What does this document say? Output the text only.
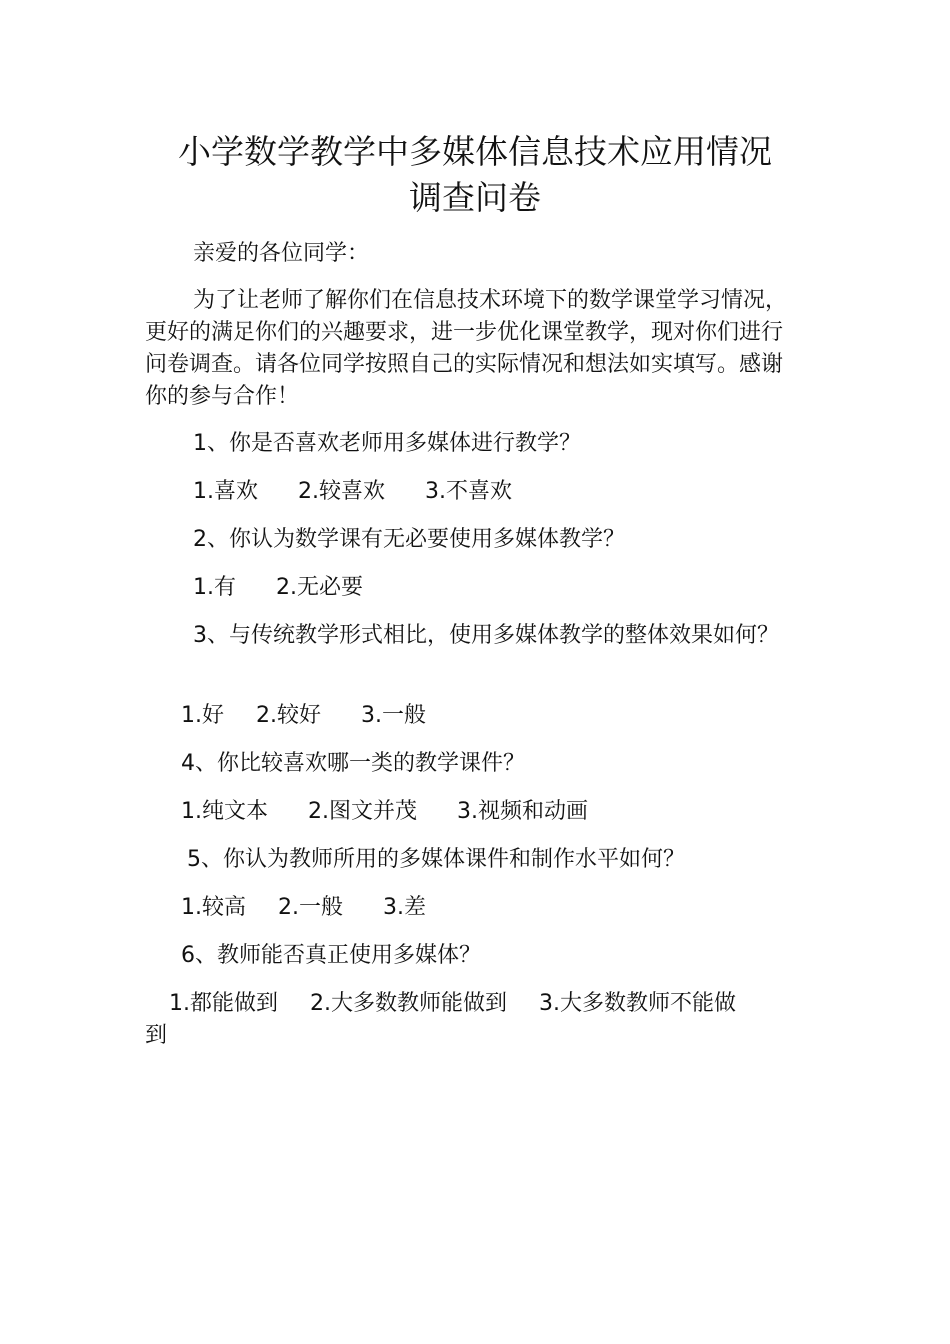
小学数学教学中多媒体信息技术应用情况
调查问卷

亲爱的各位同学：

为了让老师了解你们在信息技术环境下的数学课堂学习情况，更好的满足你们的兴趣要求，进一步优化课堂教学，现对你们进行问卷调查。请各位同学按照自己的实际情况和想法如实填写。感谢你的参与合作！

1、你是否喜欢老师用多媒体进行教学？

1.喜欢 2.较喜欢 3.不喜欢

2、你认为数学课有无必要使用多媒体教学？

1.有 2.无必要

3、与传统教学形式相比，使用多媒体教学的整体效果如何？

1.好 2.较好 3.一般

4、你比较喜欢哪一类的教学课件？

1.纯文本 2.图文并茂 3.视频和动画

5、你认为教师所用的多媒体课件和制作水平如何？

1.较高 2.一般 3.差

6、教师能否真正使用多媒体？

1.都能做到 2.大多数教师能做到 3.大多数教师不能做

到
